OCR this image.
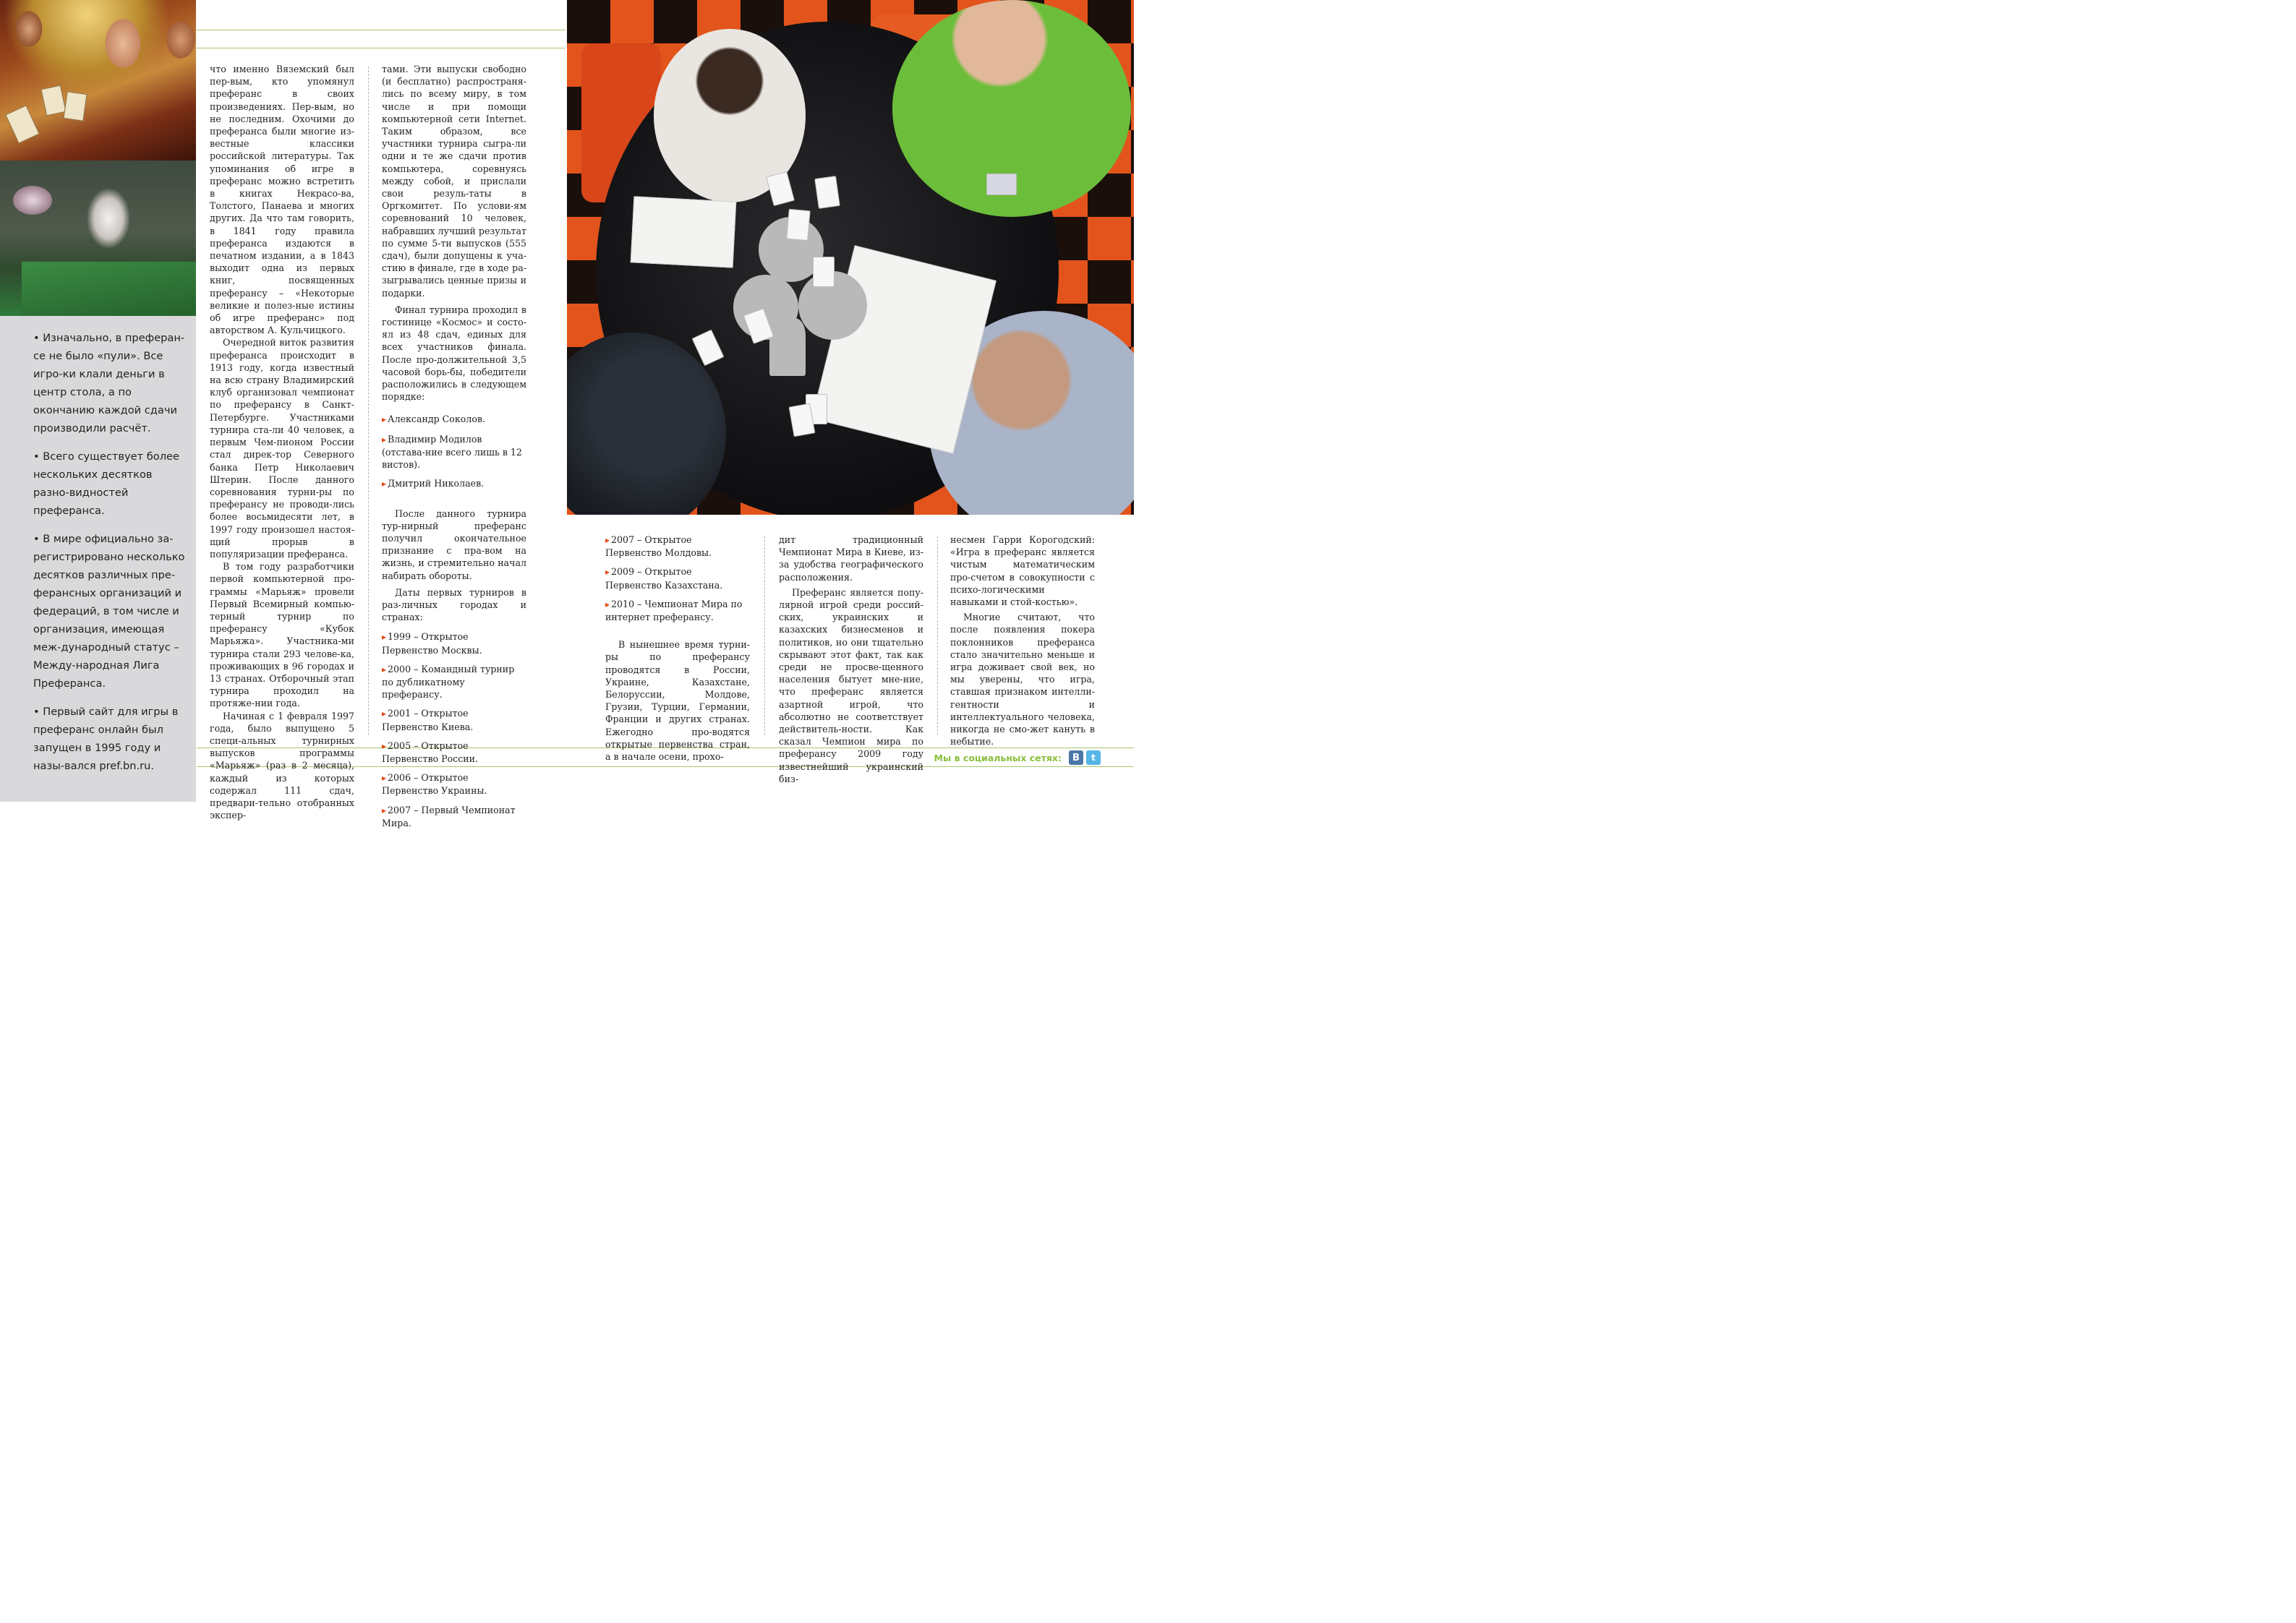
• Изначально, в преферан-се не было «пули». Все игро-ки клали деньги в центр стола, а по окончанию каждой сдачи производили расчёт.
• Всего существует более нескольких десятков разно-видностей преферанса.
• В мире официально за-регистрировано несколько десятков различных пре-ферансных организаций и федераций, в том числе и организация, имеющая меж-дународный статус – Между-народная Лига Преферанса.
• Первый сайт для игры в преферанс онлайн был запущен в 1995 году и назы-вался pref.bn.ru.

что именно Вяземский был пер-вым, кто упомянул преферанс в своих произведениях. Пер-вым, но не последним. Охочими до преферанса были многие из-вестные классики российской литературы. Так упоминания об игре в преферанс можно встретить в книгах Некрасо-ва, Толстого, Панаева и многих других. Да что там говорить, в 1841 году правила преферанса издаются в печатном издании, а в 1843 выходит одна из первых книг, посвященных преферансу – «Некоторые великие и полез-ные истины об игре преферанс» под авторством А. Кульчицкого.

Очередной виток развития преферанса происходит в 1913 году, когда известный на всю страну Владимирский клуб организовал чемпионат по преферансу в Санкт-Петербурге. Участниками турнира ста-ли 40 человек, а первым Чем-пионом России стал дирек-тор Северного банка Петр Николаевич Штерин. После данного соревнования турни-ры по преферансу не проводи-лись более восьмидесяти лет, в 1997 году произошел настоя-щий прорыв в популяризации преферанса.

В том году разработчики первой компьютерной про-граммы «Марьяж» провели Первый Всемирный компью-терный турнир по преферансу «Кубок Марьяжа». Участника-ми турнира стали 293 челове-ка, проживающих в 96 городах и 13 странах. Отборочный этап турнира проходил на протяже-нии года.

Начиная с 1 февраля 1997 года, было выпущено 5 специ-альных турнирных выпусков программы «Марьяж» (раз в 2 месяца), каждый из которых содержал 111 сдач, предвари-тельно отобранных экспер-

тами. Эти выпуски свободно (и бесплатно) распространя-лись по всему миру, в том числе и при помощи компьютерной сети Internet. Таким образом, все участники турнира сыгра-ли одни и те же сдачи против компьютера, соревнуясь между собой, и прислали свои резуль-таты в Оргкомитет. По услови-ям соревнований 10 человек, набравших лучший результат по сумме 5-ти выпусков (555 сдач), были допущены к уча-стию в финале, где в ходе ра-зыгрывались ценные призы и подарки.

Финал турнира проходил в гостинице «Космос» и состо-ял из 48 сдач, единых для всех участников финала. После про-должительной 3,5 часовой борь-бы, победители расположились в следующем порядке:

▸ Александр Соколов.

▸ Владимир Модилов (отстава-ние всего лишь в 12 вистов).

▸ Дмитрий Николаев.

После данного турнира тур-нирный преферанс получил окончательное признание с пра-вом на жизнь, и стремительно начал набирать обороты.

Даты первых турниров в раз-личных городах и странах:

▸ 1999 – Открытое Первенство Москвы.

▸ 2000 – Командный турнир по дубликатному преферансу.

▸ 2001 – Открытое Первенство Киева.

▸ 2005 – Открытое Первенство России.

▸ 2006 – Открытое Первенство Украины.

▸ 2007 – Первый Чемпионат Мира.

▸ 2007 – Открытое Первенство Молдовы.

▸ 2009 – Открытое Первенство Казахстана.

▸ 2010 – Чемпионат Мира по интернет преферансу.

В нынешнее время турни-ры по преферансу проводятся в России, Украине, Казахстане, Белоруссии, Молдове, Грузии, Турции, Германии, Франции и других странах. Ежегодно про-водятся открытые первенства стран, а в начале осени, прохо-

дит традиционный Чемпионат Мира в Киеве, из-за удобства географического расположения.

Преферанс является попу-лярной игрой среди россий-ских, украинских и казахских бизнесменов и политиков, но они тщательно скрывают этот факт, так как среди не просве-щенного населения бытует мне-ние, что преферанс является азартной игрой, что абсолютно не соответствует действитель-ности. Как сказал Чемпион мира по преферансу 2009 году известнейший украинский биз-

несмен Гарри Корогодский: «Игра в преферанс является чистым математическим про-счетом в совокупности с психо-логическими навыками и стой-костью».

Многие считают, что после появления покера поклонников преферанса стало значительно меньше и игра доживает свой век, но мы уверены, что игра, ставшая признаком интелли-гентности и интеллектуального человека, никогда не смо-жет кануть в небытие.

Мы в социальных сетях:	В	t
